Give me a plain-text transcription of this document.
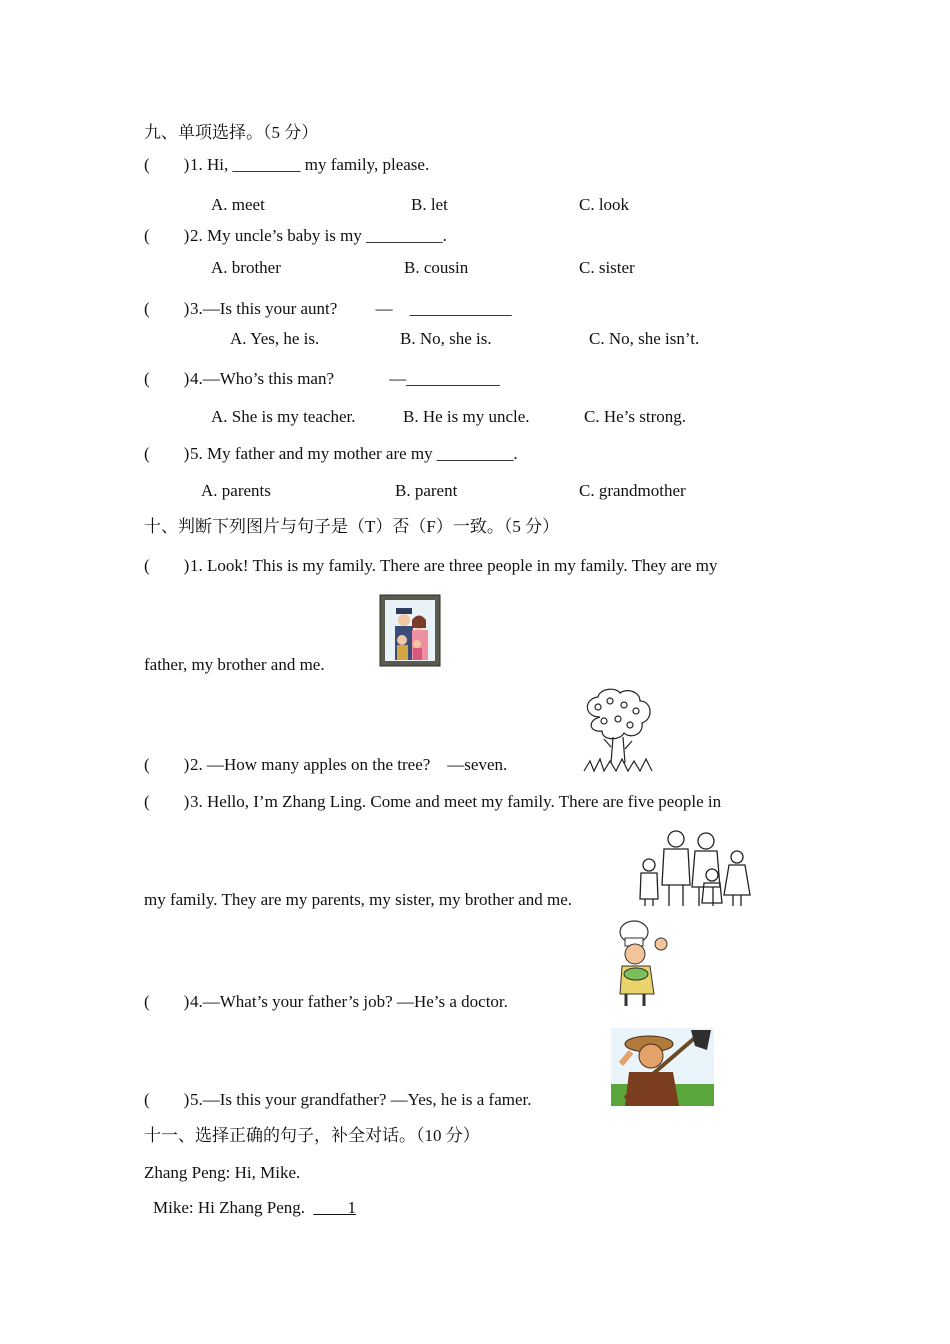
九、单项选择。（5 分）
(        ) 1. Hi, ________ my family, please.
A. meet	B. let	C. look
(        ) 2. My uncle’s baby is my _________.
A. brother	B. cousin	C. sister
(        ) 3.—Is this your aunt?         —    ____________
A. Yes, he is.	B. No, she is.	C. No, she isn’t.
(        ) 4.—Who’s this man?             —___________
A. She is my teacher.	B. He is my uncle.	C. He’s strong.
(        ) 5. My father and my mother are my _________.
A. parents	B. parent	C. grandmother
十、判断下列图片与句子是（T）否（F）一致。（5 分）
(        ) 1. Look! This is my family. There are three people in my family. They are my
father, my brother and me.
(        ) 2. —How many apples on the tree?    —seven.
(        ) 3. Hello, I’m Zhang Ling. Come and meet my family. There are five people in
my family. They are my parents, my sister, my brother and me.
(        ) 4.—What’s your father’s job? —He’s a doctor.
(        ) 5.—Is this your grandfather? —Yes, he is a famer.
十一、选择正确的句子，补全对话。（10 分）
Zhang Peng: Hi, Mike.
Mike: Hi Zhang Peng.  ____1
